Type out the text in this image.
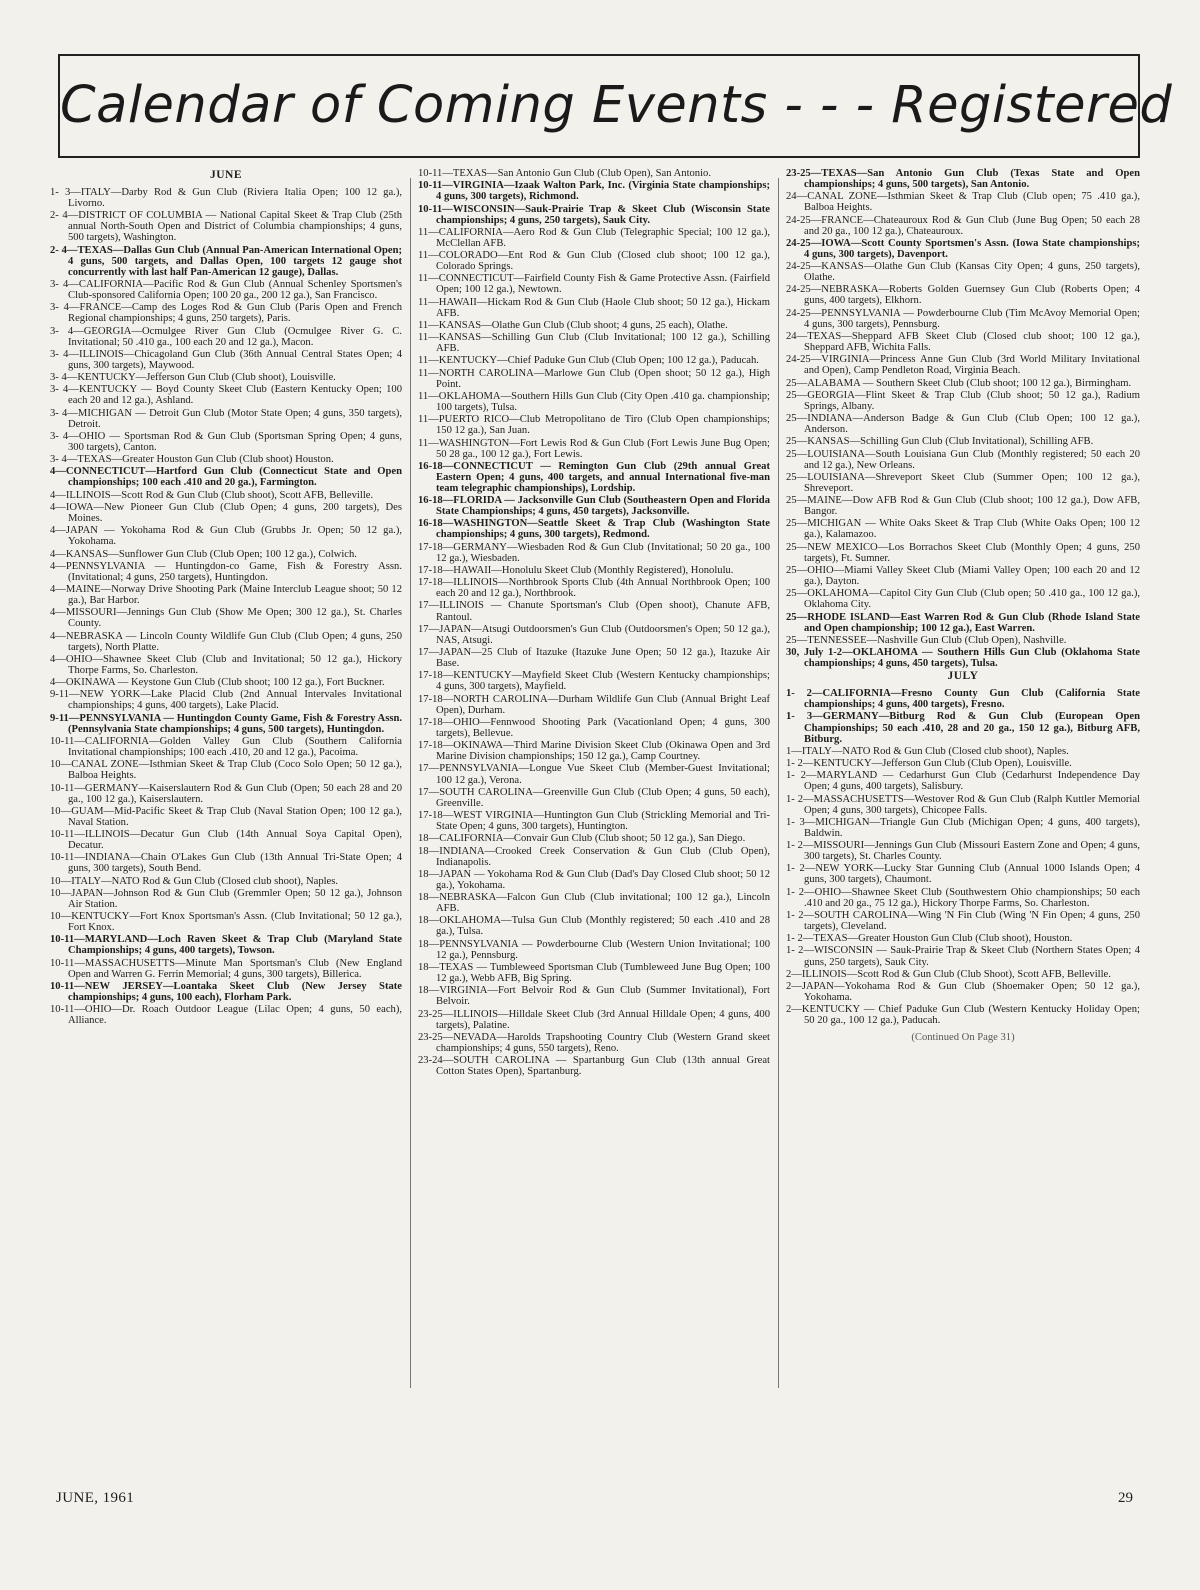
Calendar of Coming Events - - - Registered
JUNE

1- 3—ITALY—Darby Rod & Gun Club (Riviera Italia Open; 100 12 ga.), Livorno.

2- 4—DISTRICT OF COLUMBIA — National Capital Skeet & Trap Club (25th annual North-South Open and District of Columbia championships; 4 guns, 500 targets), Washington.

2- 4—TEXAS—Dallas Gun Club (Annual Pan-American International Open; 4 guns, 500 targets, and Dallas Open, 100 targets 12 gauge shot concurrently with last half Pan-American 12 gauge), Dallas.

3- 4—CALIFORNIA—Pacific Rod & Gun Club (Annual Schenley Sportsmen's Club-sponsored California Open; 100 20 ga., 200 12 ga.), San Francisco.

3- 4—FRANCE—Camp des Loges Rod & Gun Club (Paris Open and French Regional championships; 4 guns, 250 targets), Paris.

3- 4—GEORGIA—Ocmulgee River Gun Club (Ocmulgee River G. C. Invitational; 50 .410 ga., 100 each 20 and 12 ga.), Macon.

3- 4—ILLINOIS—Chicagoland Gun Club (36th Annual Central States Open; 4 guns, 300 targets), Maywood.

3- 4—KENTUCKY—Jefferson Gun Club (Club shoot), Louisville.

3- 4—KENTUCKY — Boyd County Skeet Club (Eastern Kentucky Open; 100 each 20 and 12 ga.), Ashland.

3- 4—MICHIGAN — Detroit Gun Club (Motor State Open; 4 guns, 350 targets), Detroit.

3- 4—OHIO — Sportsman Rod & Gun Club (Sportsman Spring Open; 4 guns, 300 targets), Canton.

3- 4—TEXAS—Greater Houston Gun Club (Club shoot) Houston.

4—CONNECTICUT—Hartford Gun Club (Connecticut State and Open championships; 100 each .410 and 20 ga.), Farmington.

4—ILLINOIS—Scott Rod & Gun Club (Club shoot), Scott AFB, Belleville.

4—IOWA—New Pioneer Gun Club (Club Open; 4 guns, 200 targets), Des Moines.

4—JAPAN — Yokohama Rod & Gun Club (Grubbs Jr. Open; 50 12 ga.), Yokohama.

4—KANSAS—Sunflower Gun Club (Club Open; 100 12 ga.), Colwich.

4—PENNSYLVANIA — Huntingdon-co Game, Fish & Forestry Assn. (Invitational; 4 guns, 250 targets), Huntingdon.

4—MAINE—Norway Drive Shooting Park (Maine Interclub League shoot; 50 12 ga.), Bar Harbor.

4—MISSOURI—Jennings Gun Club (Show Me Open; 300 12 ga.), St. Charles County.

4—NEBRASKA — Lincoln County Wildlife Gun Club (Club Open; 4 guns, 250 targets), North Platte.

4—OHIO—Shawnee Skeet Club (Club and Invitational; 50 12 ga.), Hickory Thorpe Farms, So. Charleston.

4—OKINAWA — Keystone Gun Club (Club shoot; 100 12 ga.), Fort Buckner.

9-11—NEW YORK—Lake Placid Club (2nd Annual Intervales Invitational championships; 4 guns, 400 targets), Lake Placid.

9-11—PENNSYLVANIA — Huntingdon County Game, Fish & Forestry Assn. (Pennsylvania State championships; 4 guns, 500 targets), Huntingdon.

10-11—CALIFORNIA—Golden Valley Gun Club (Southern California Invitational championships; 100 each .410, 20 and 12 ga.), Pacoima.

10—CANAL ZONE—Isthmian Skeet & Trap Club (Coco Solo Open; 50 12 ga.), Balboa Heights.

10-11—GERMANY—Kaiserslautern Rod & Gun Club (Open; 50 each 28 and 20 ga., 100 12 ga.), Kaiserslautern.

10—GUAM—Mid-Pacific Skeet & Trap Club (Naval Station Open; 100 12 ga.), Naval Station.

10-11—ILLINOIS—Decatur Gun Club (14th Annual Soya Capital Open), Decatur.

10-11—INDIANA—Chain O'Lakes Gun Club (13th Annual Tri-State Open; 4 guns, 300 targets), South Bend.

10—ITALY—NATO Rod & Gun Club (Closed club shoot), Naples.

10—JAPAN—Johnson Rod & Gun Club (Gremmler Open; 50 12 ga.), Johnson Air Station.

10—KENTUCKY—Fort Knox Sportsman's Assn. (Club Invitational; 50 12 ga.), Fort Knox.

10-11—MARYLAND—Loch Raven Skeet & Trap Club (Maryland State Championships; 4 guns, 400 targets), Towson.

10-11—MASSACHUSETTS—Minute Man Sportsman's Club (New England Open and Warren G. Ferrin Memorial; 4 guns, 300 targets), Billerica.

10-11—NEW JERSEY—Loantaka Skeet Club (New Jersey State championships; 4 guns, 100 each), Florham Park.

10-11—OHIO—Dr. Roach Outdoor League (Lilac Open; 4 guns, 50 each), Alliance.

10-11—TEXAS—San Antonio Gun Club (Club Open), San Antonio.

10-11—VIRGINIA—Izaak Walton Park, Inc. (Virginia State championships; 4 guns, 300 targets), Richmond.

10-11—WISCONSIN—Sauk-Prairie Trap & Skeet Club (Wisconsin State championships; 4 guns, 250 targets), Sauk City.

11—CALIFORNIA—Aero Rod & Gun Club (Telegraphic Special; 100 12 ga.), McClellan AFB.

11—COLORADO—Ent Rod & Gun Club (Closed club shoot; 100 12 ga.), Colorado Springs.

11—CONNECTICUT—Fairfield County Fish & Game Protective Assn. (Fairfield Open; 100 12 ga.), Newtown.

11—HAWAII—Hickam Rod & Gun Club (Haole Club shoot; 50 12 ga.), Hickam AFB.

11—KANSAS—Olathe Gun Club (Club shoot; 4 guns, 25 each), Olathe.

11—KANSAS—Schilling Gun Club (Club Invitational; 100 12 ga.), Schilling AFB.

11—KENTUCKY—Chief Paduke Gun Club (Club Open; 100 12 ga.), Paducah.

11—NORTH CAROLINA—Marlowe Gun Club (Open shoot; 50 12 ga.), High Point.

11—OKLAHOMA—Southern Hills Gun Club (City Open .410 ga. championship; 100 targets), Tulsa.

11—PUERTO RICO—Club Metropolitano de Tiro (Club Open championships; 150 12 ga.), San Juan.

11—WASHINGTON—Fort Lewis Rod & Gun Club (Fort Lewis June Bug Open; 50 28 ga., 100 12 ga.), Fort Lewis.

16-18—CONNECTICUT — Remington Gun Club (29th annual Great Eastern Open; 4 guns, 400 targets, and annual International five-man team telegraphic championships), Lordship.

16-18—FLORIDA — Jacksonville Gun Club (Southeastern Open and Florida State Championships; 4 guns, 450 targets), Jacksonville.

16-18—WASHINGTON—Seattle Skeet & Trap Club (Washington State championships; 4 guns, 300 targets), Redmond.

17-18—GERMANY—Wiesbaden Rod & Gun Club (Invitational; 50 20 ga., 100 12 ga.), Wiesbaden.

17-18—HAWAII—Honolulu Skeet Club (Monthly Registered), Honolulu.

17-18—ILLINOIS—Northbrook Sports Club (4th Annual Northbrook Open; 100 each 20 and 12 ga.), Northbrook.

17—ILLINOIS — Chanute Sportsman's Club (Open shoot), Chanute AFB, Rantoul.

17—JAPAN—Atsugi Outdoorsmen's Gun Club (Outdoorsmen's Open; 50 12 ga.), NAS, Atsugi.

17—JAPAN—25 Club of Itazuke (Itazuke June Open; 50 12 ga.), Itazuke Air Base.

17-18—KENTUCKY—Mayfield Skeet Club (Western Kentucky championships; 4 guns, 300 targets), Mayfield.

17-18—NORTH CAROLINA—Durham Wildlife Gun Club (Annual Bright Leaf Open), Durham.

17-18—OHIO—Fennwood Shooting Park (Vacationland Open; 4 guns, 300 targets), Bellevue.

17-18—OKINAWA—Third Marine Division Skeet Club (Okinawa Open and 3rd Marine Division championships; 150 12 ga.), Camp Courtney.

17—PENNSYLVANIA—Longue Vue Skeet Club (Member-Guest Invitational; 100 12 ga.), Verona.

17—SOUTH CAROLINA—Greenville Gun Club (Club Open; 4 guns, 50 each), Greenville.

17-18—WEST VIRGINIA—Huntington Gun Club (Strickling Memorial and Tri-State Open; 4 guns, 300 targets), Huntington.

18—CALIFORNIA—Convair Gun Club (Club shoot; 50 12 ga.), San Diego.

18—INDIANA—Crooked Creek Conservation & Gun Club (Club Open), Indianapolis.

18—JAPAN — Yokohama Rod & Gun Club (Dad's Day Closed Club shoot; 50 12 ga.), Yokohama.

18—NEBRASKA—Falcon Gun Club (Club invitational; 100 12 ga.), Lincoln AFB.

18—OKLAHOMA—Tulsa Gun Club (Monthly registered; 50 each .410 and 28 ga.), Tulsa.

18—PENNSYLVANIA — Powderbourne Club (Western Union Invitational; 100 12 ga.), Pennsburg.

18—TEXAS — Tumbleweed Sportsman Club (Tumbleweed June Bug Open; 100 12 ga.), Webb AFB, Big Spring.

18—VIRGINIA—Fort Belvoir Rod & Gun Club (Summer Invitational), Fort Belvoir.

23-25—ILLINOIS—Hilldale Skeet Club (3rd Annual Hilldale Open; 4 guns, 400 targets), Palatine.

23-25—NEVADA—Harolds Trapshooting Country Club (Western Grand skeet championships; 4 guns, 550 targets), Reno.

23-24—SOUTH CAROLINA — Spartanburg Gun Club (13th annual Great Cotton States Open), Spartanburg.

23-25—TEXAS—San Antonio Gun Club (Texas State and Open championships; 4 guns, 500 targets), San Antonio.

24—CANAL ZONE—Isthmian Skeet & Trap Club (Club open; 75 .410 ga.), Balboa Heights.

24-25—FRANCE—Chateauroux Rod & Gun Club (June Bug Open; 50 each 28 and 20 ga., 100 12 ga.), Chateauroux.

24-25—IOWA—Scott County Sportsmen's Assn. (Iowa State championships; 4 guns, 300 targets), Davenport.

24-25—KANSAS—Olathe Gun Club (Kansas City Open; 4 guns, 250 targets), Olathe.

24-25—NEBRASKA—Roberts Golden Guernsey Gun Club (Roberts Open; 4 guns, 400 targets), Elkhorn.

24-25—PENNSYLVANIA — Powderbourne Club (Tim McAvoy Memorial Open; 4 guns, 300 targets), Pennsburg.

24—TEXAS—Sheppard AFB Skeet Club (Closed club shoot; 100 12 ga.), Sheppard AFB, Wichita Falls.

24-25—VIRGINIA—Princess Anne Gun Club (3rd World Military Invitational and Open), Camp Pendleton Road, Virginia Beach.

25—ALABAMA — Southern Skeet Club (Club shoot; 100 12 ga.), Birmingham.

25—GEORGIA—Flint Skeet & Trap Club (Club shoot; 50 12 ga.), Radium Springs, Albany.

25—INDIANA—Anderson Badge & Gun Club (Club Open; 100 12 ga.), Anderson.

25—KANSAS—Schilling Gun Club (Club Invitational), Schilling AFB.

25—LOUISIANA—South Louisiana Gun Club (Monthly registered; 50 each 20 and 12 ga.), New Orleans.

25—LOUISIANA—Shreveport Skeet Club (Summer Open; 100 12 ga.), Shreveport.

25—MAINE—Dow AFB Rod & Gun Club (Club shoot; 100 12 ga.), Dow AFB, Bangor.

25—MICHIGAN — White Oaks Skeet & Trap Club (White Oaks Open; 100 12 ga.), Kalamazoo.

25—NEW MEXICO—Los Borrachos Skeet Club (Monthly Open; 4 guns, 250 targets), Ft. Sumner.

25—OHIO—Miami Valley Skeet Club (Miami Valley Open; 100 each 20 and 12 ga.), Dayton.

25—OKLAHOMA—Capitol City Gun Club (Club open; 50 .410 ga., 100 12 ga.), Oklahoma City.

25—RHODE ISLAND—East Warren Rod & Gun Club (Rhode Island State and Open championship; 100 12 ga.), East Warren.

25—TENNESSEE—Nashville Gun Club (Club Open), Nashville.

30, July 1-2—OKLAHOMA — Southern Hills Gun Club (Oklahoma State championships; 4 guns, 450 targets), Tulsa.

JULY

1- 2—CALIFORNIA—Fresno County Gun Club (California State championships; 4 guns, 400 targets), Fresno.

1- 3—GERMANY—Bitburg Rod & Gun Club (European Open Championships; 50 each .410, 28 and 20 ga., 150 12 ga.), Bitburg AFB, Bitburg.

1—ITALY—NATO Rod & Gun Club (Closed club shoot), Naples.

1- 2—KENTUCKY—Jefferson Gun Club (Club Open), Louisville.

1- 2—MARYLAND — Cedarhurst Gun Club (Cedarhurst Independence Day Open; 4 guns, 400 targets), Salisbury.

1- 2—MASSACHUSETTS—Westover Rod & Gun Club (Ralph Kuttler Memorial Open; 4 guns, 300 targets), Chicopee Falls.

1- 3—MICHIGAN—Triangle Gun Club (Michigan Open; 4 guns, 400 targets), Baldwin.

1- 2—MISSOURI—Jennings Gun Club (Missouri Eastern Zone and Open; 4 guns, 300 targets), St. Charles County.

1- 2—NEW YORK—Lucky Star Gunning Club (Annual 1000 Islands Open; 4 guns, 300 targets), Chaumont.

1- 2—OHIO—Shawnee Skeet Club (Southwestern Ohio championships; 50 each .410 and 20 ga., 75 12 ga.), Hickory Thorpe Farms, So. Charleston.

1- 2—SOUTH CAROLINA—Wing 'N Fin Club (Wing 'N Fin Open; 4 guns, 250 targets), Cleveland.

1- 2—TEXAS—Greater Houston Gun Club (Club shoot), Houston.

1- 2—WISCONSIN — Sauk-Prairie Trap & Skeet Club (Northern States Open; 4 guns, 250 targets), Sauk City.

2—ILLINOIS—Scott Rod & Gun Club (Club Shoot), Scott AFB, Belleville.

2—JAPAN—Yokohama Rod & Gun Club (Shoemaker Open; 50 12 ga.), Yokohama.

2—KENTUCKY — Chief Paduke Gun Club (Western Kentucky Holiday Open; 50 20 ga., 100 12 ga.), Paducah.

(Continued On Page 31)
JUNE, 1961	29
